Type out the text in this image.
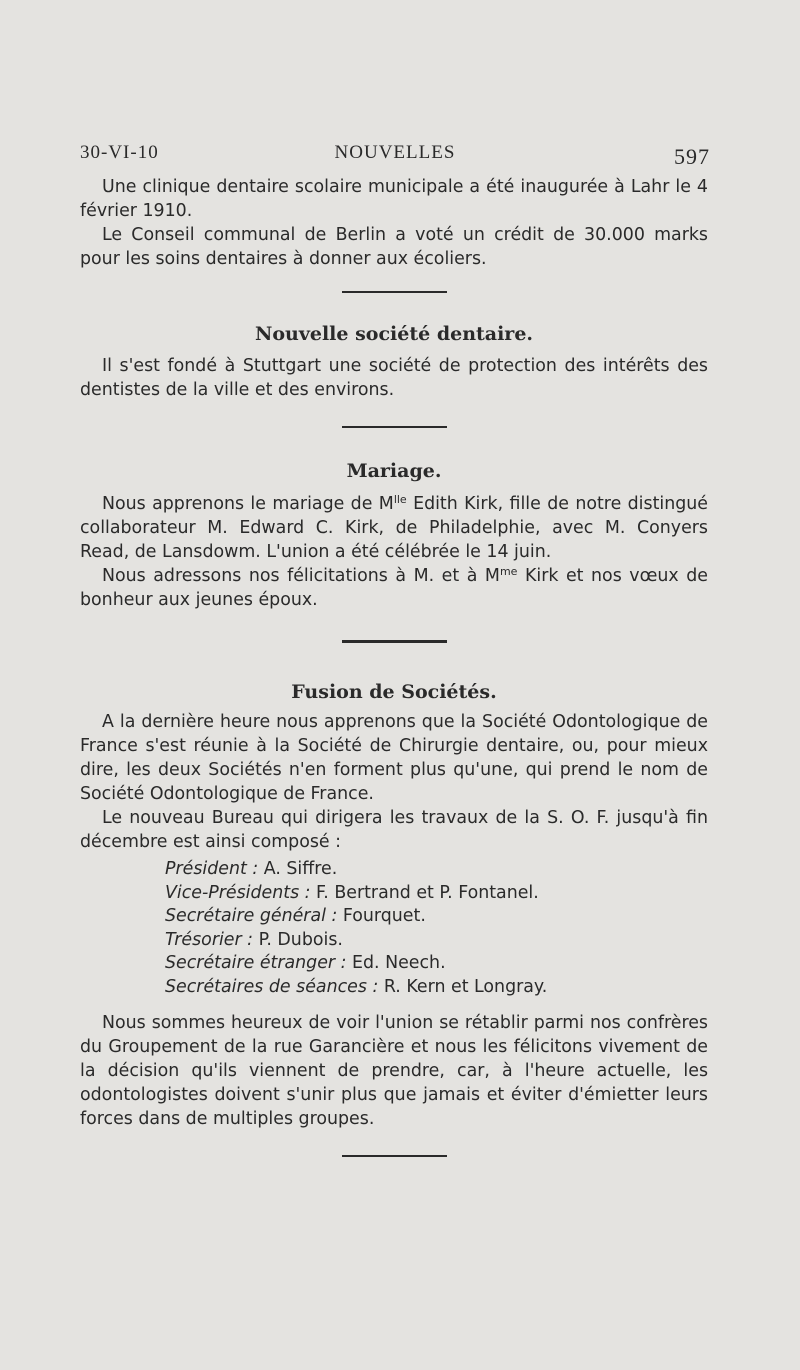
30-VI-10	NOUVELLES	597

Une clinique dentaire scolaire municipale a été inaugurée à Lahr le 4 février 1910.

Le Conseil communal de Berlin a voté un crédit de 30.000 marks pour les soins dentaires à donner aux écoliers.

Nouvelle société dentaire.

Il s'est fondé à Stuttgart une société de protection des intérêts des dentistes de la ville et des environs.

Mariage.

Nous apprenons le mariage de $M^{lle}$ Edith Kirk, fille de notre distingué collaborateur M. Edward C. Kirk, de Philadelphie, avec M. Conyers Read, de Lansdowm. L'union a été célébrée le 14 juin.

Nous adressons nos félicitations à M. et à $M^{me}$ Kirk et nos vœux de bonheur aux jeunes époux.

Fusion de Sociétés.

A la dernière heure nous apprenons que la Société Odontologique de France s'est réunie à la Société de Chirurgie dentaire, ou, pour mieux dire, les deux Sociétés n'en forment plus qu'une, qui prend le nom de Société Odontologique de France.

Le nouveau Bureau qui dirigera les travaux de la S. O. F. jusqu'à fin décembre est ainsi composé :

Président : A. Siffre.
Vice-Présidents : F. Bertrand et P. Fontanel.
Secrétaire général : Fourquet.
Trésorier : P. Dubois.
Secrétaire étranger : Ed. Neech.
Secrétaires de séances : R. Kern et Longray.

Nous sommes heureux de voir l'union se rétablir parmi nos confrères du Groupement de la rue Garancière et nous les félicitons vivement de la décision qu'ils viennent de prendre, car, à l'heure actuelle, les odontologistes doivent s'unir plus que jamais et éviter d'émietter leurs forces dans de multiples groupes.
